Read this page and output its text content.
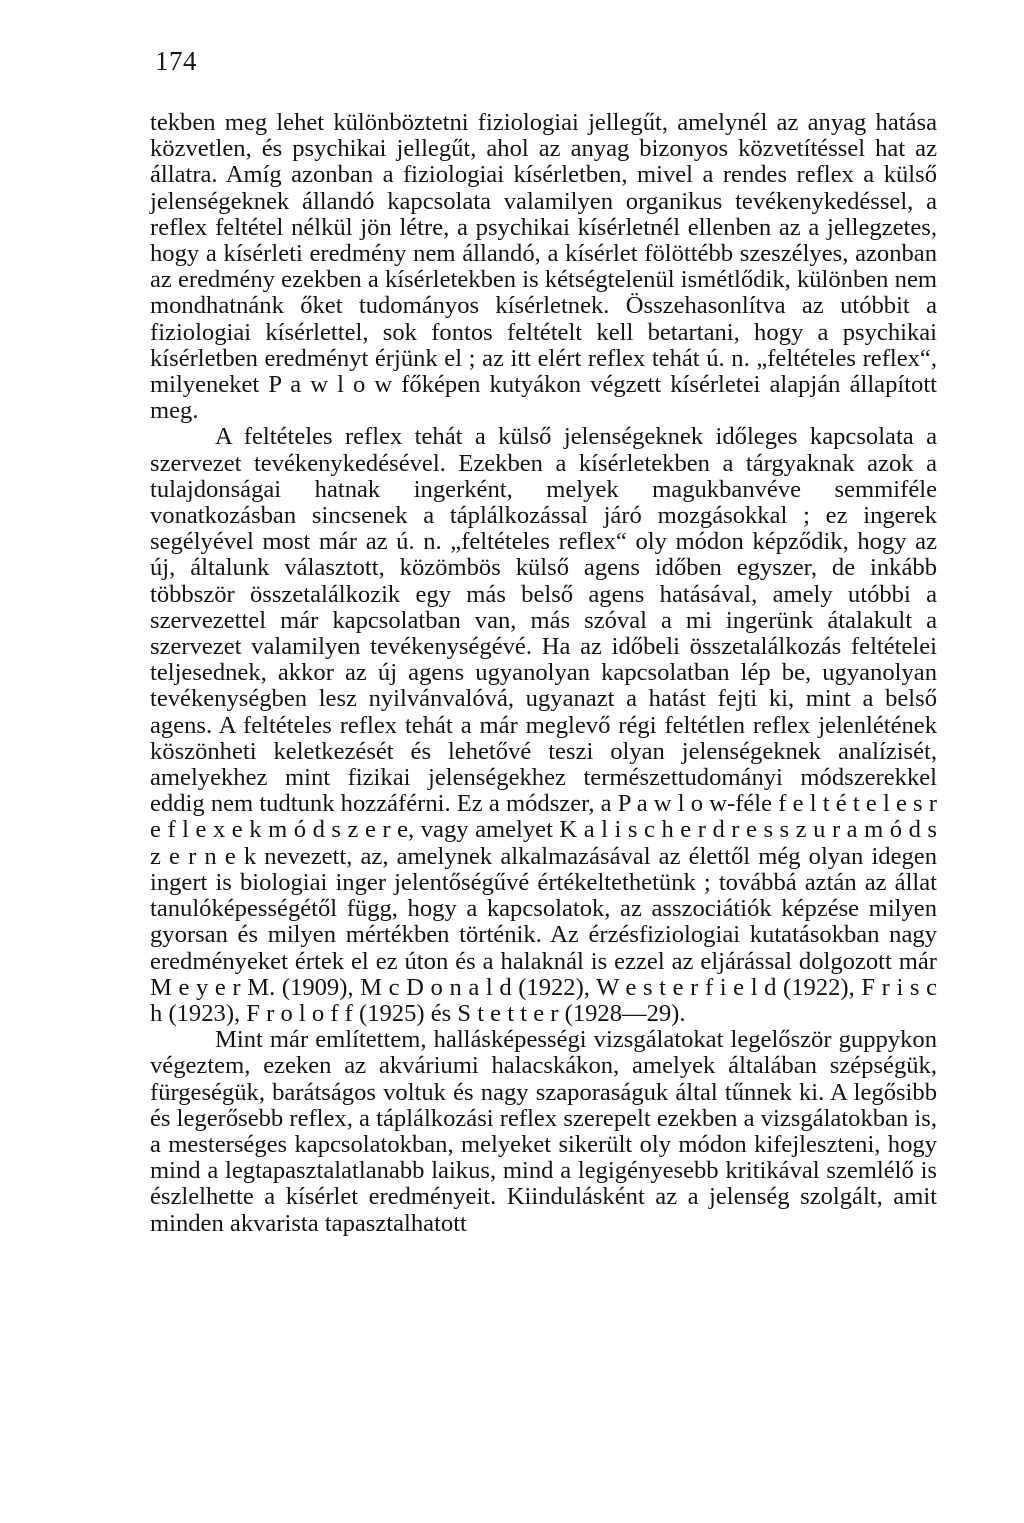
174

tekben meg lehet különböztetni fiziologiai jellegűt, amelynél az anyag hatása közvetlen, és psychikai jellegűt, ahol az anyag bizonyos közvetítéssel hat az állatra. Amíg azonban a fiziologiai kísérletben, mivel a rendes reflex a külső jelenségeknek állandó kapcsolata valamilyen organikus tevékenykedéssel, a reflex feltétel nélkül jön létre, a psychikai kísérletnél ellenben az a jellegzetes, hogy a kísérleti eredmény nem állandó, a kísérlet fölöttébb szeszélyes, azonban az eredmény ezekben a kísérletekben is kétségtelenül ismétlődik, különben nem mondhatnánk őket tudományos kísérletnek. Összehasonlítva az utóbbit a fiziologiai kísérlettel, sok fontos feltételt kell betartani, hogy a psychikai kísérletben eredményt érjünk el ; az itt elért reflex tehát ú. n. „feltételes reflex“, milyeneket P a w l o w főképen kutyákon végzett kísérletei alapján állapított meg.

A feltételes reflex tehát a külső jelenségeknek időleges kapcsolata a szervezet tevékenykedésével. Ezekben a kísérletekben a tárgyaknak azok a tulajdonságai hatnak ingerként, melyek magukbanvéve semmiféle vonatkozásban sincsenek a táplálkozással járó mozgásokkal ; ez ingerek segélyével most már az ú. n. „feltételes reflex“ oly módon képződik, hogy az új, általunk választott, közömbös külső agens időben egyszer, de inkább többször összetalálkozik egy más belső agens hatásával, amely utóbbi a szervezettel már kapcsolatban van, más szóval a mi ingerünk átalakult a szervezet valamilyen tevékenységévé. Ha az időbeli összetalálkozás feltételei teljesednek, akkor az új agens ugyanolyan kapcsolatban lép be, ugyanolyan tevékenységben lesz nyilvánvalóvá, ugyanazt a hatást fejti ki, mint a belső agens. A feltételes reflex tehát a már meglevő régi feltétlen reflex jelenlétének köszönheti keletkezését és lehetővé teszi olyan jelenségeknek analízisét, amelyekhez mint fizikai jelenségekhez természettudományi módszerekkel eddig nem tudtunk hozzáférni. Ez a módszer, a P a w l o w-féle f e l t é t e l e s r e f l e x e k m ó d s z e r e, vagy amelyet K a l i s c h e r d r e s s z u r a m ó d s z e r n e k nevezett, az, amelynek alkalmazásával az élettől még olyan idegen ingert is biologiai inger jelentőségűvé értékeltethetünk ; továbbá aztán az állat tanulóképességétől függ, hogy a kapcsolatok, az asszociátiók képzése milyen gyorsan és milyen mértékben történik. Az érzésfiziologiai kutatásokban nagy eredményeket értek el ez úton és a halaknál is ezzel az eljárással dolgozott már M e y e r M. (1909), M c D o n a l d (1922), W e s t e r f i e l d (1922), F r i s c h (1923), F r o l o f f (1925) és S t e t t e r (1928—29).

Mint már említettem, hallásképességi vizsgálatokat legelőször guppykon végeztem, ezeken az akváriumi halacskákon, amelyek általában szépségük, fürgeségük, barátságos voltuk és nagy szaporaságuk által tűnnek ki. A legősibb és legerősebb reflex, a táplálkozási reflex szerepelt ezekben a vizsgálatokban is, a mesterséges kapcsolatokban, melyeket sikerült oly módon kifejleszteni, hogy mind a legtapasztalatlanabb laikus, mind a legigényesebb kritikával szemlélő is észlelhette a kísérlet eredményeit. Kiindulásként az a jelenség szolgált, amit minden akvarista tapasztalhatott
